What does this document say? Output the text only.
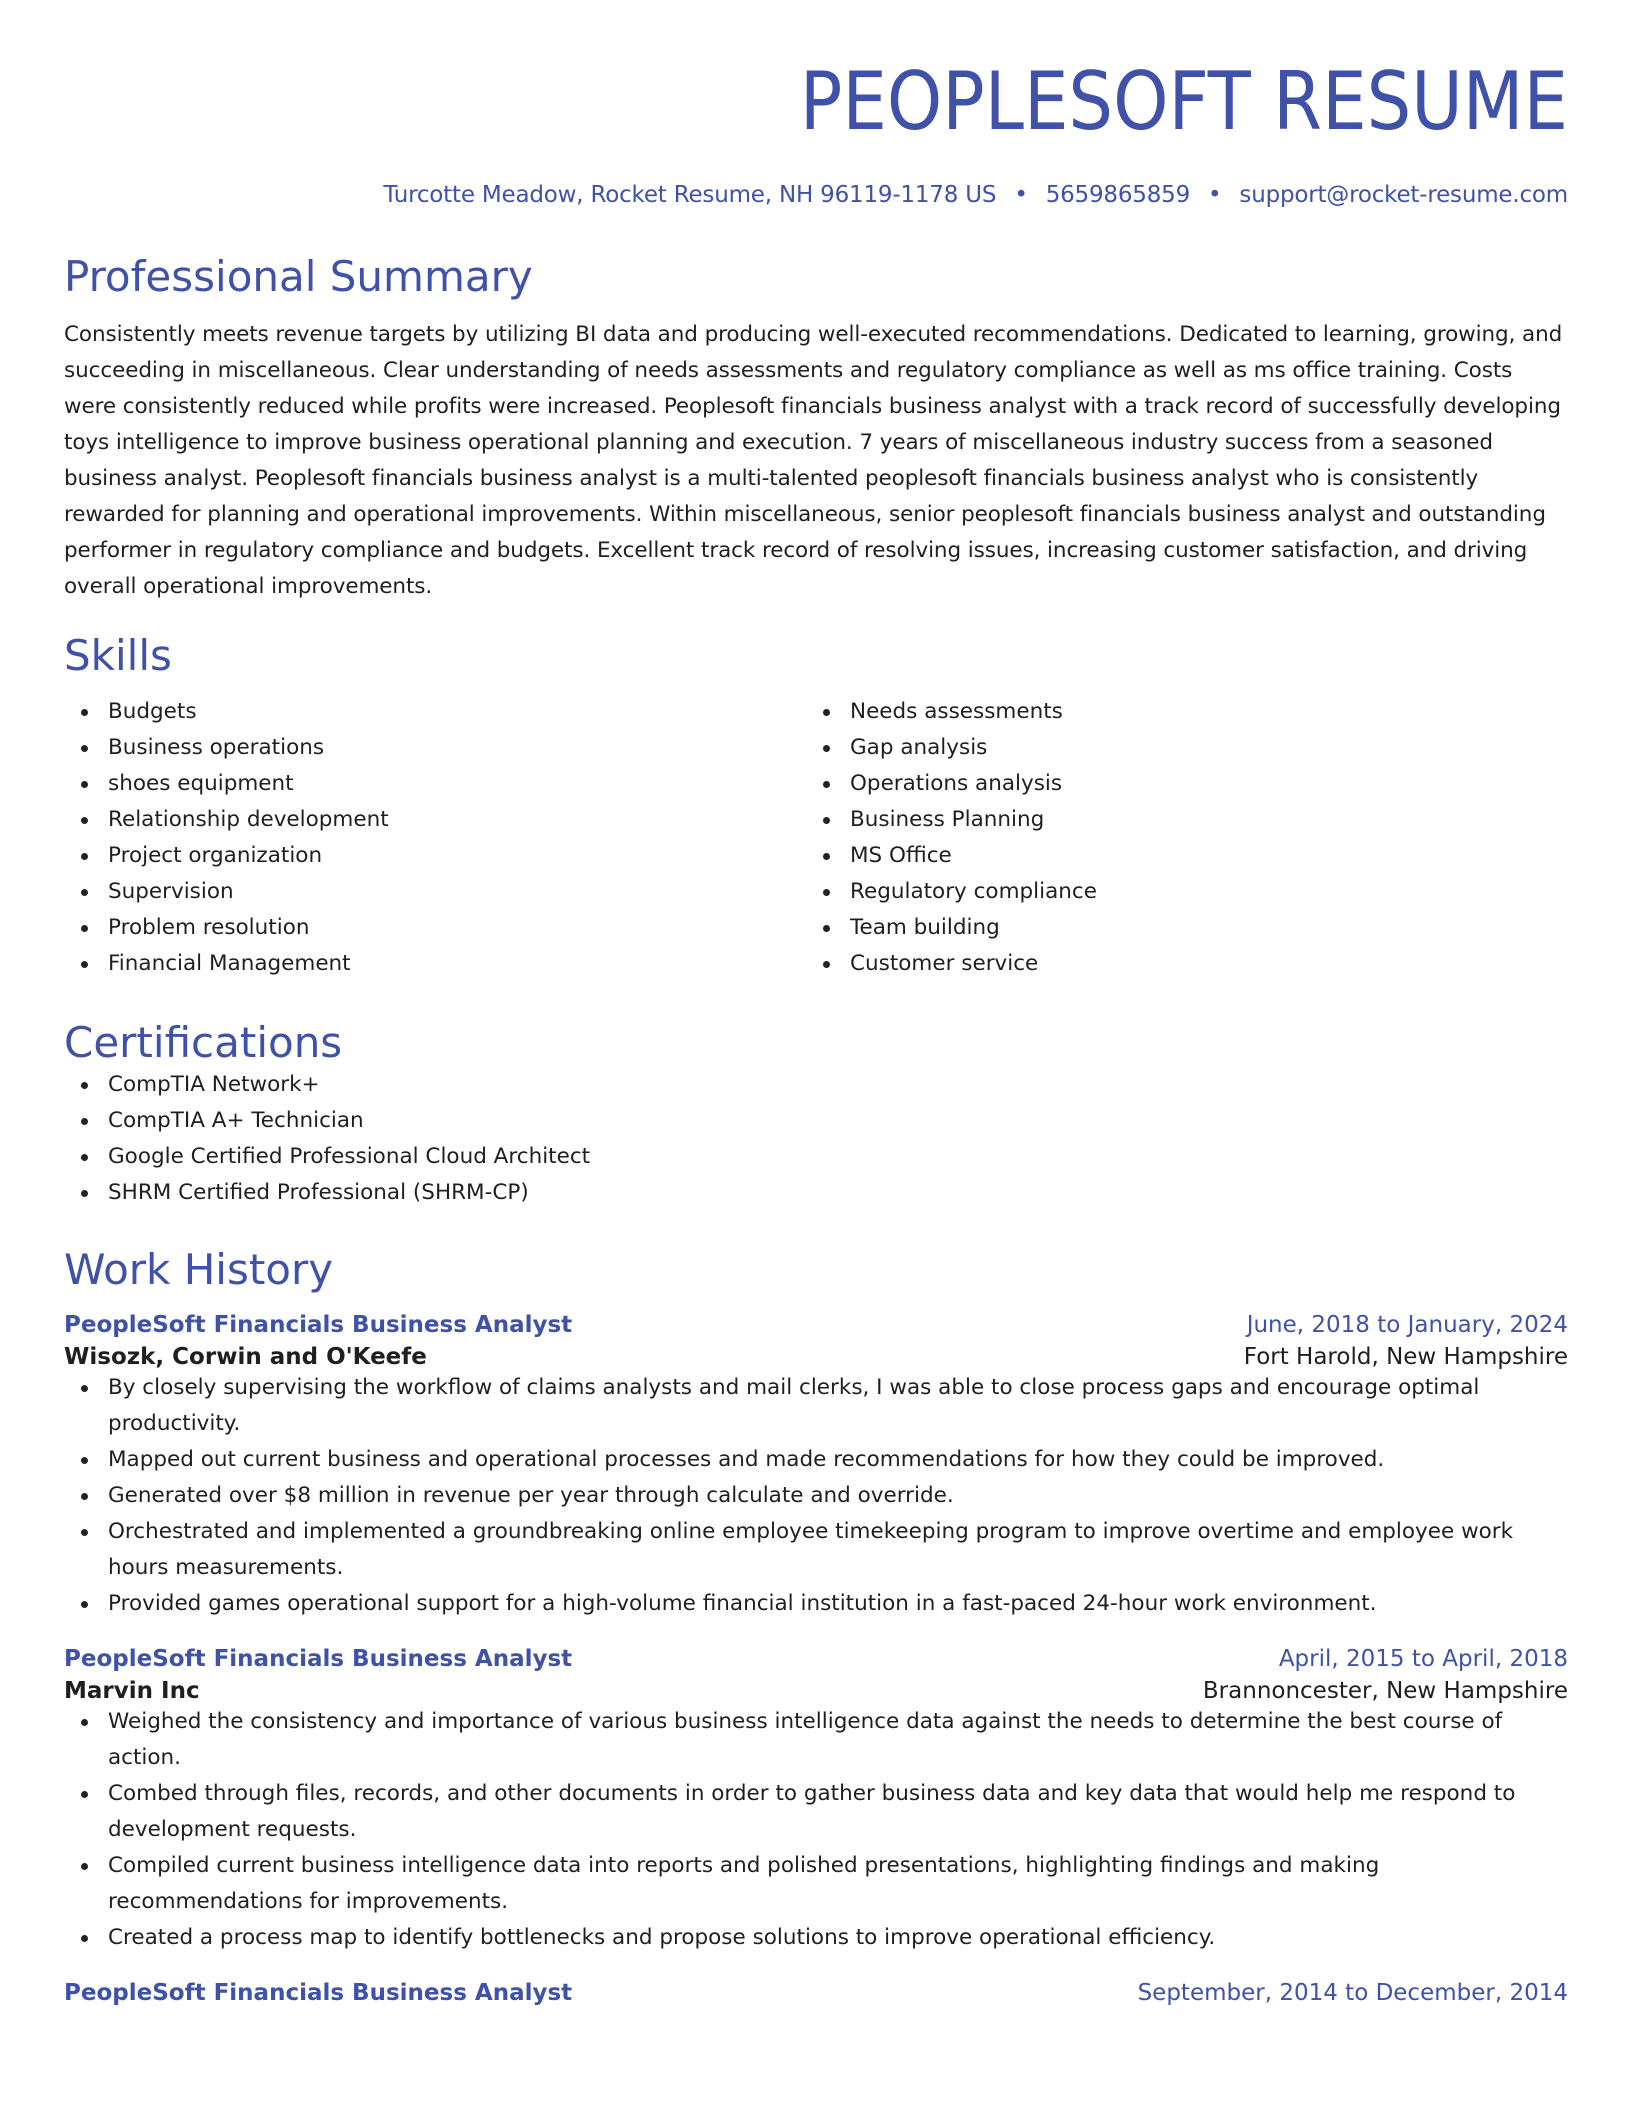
PEOPLESOFT RESUME
Turcotte Meadow, Rocket Resume, NH 96119-1178 US • 5659865859 • support@rocket-resume.com
Professional Summary
Consistently meets revenue targets by utilizing BI data and producing well-executed recommendations. Dedicated to learning, growing, and succeeding in miscellaneous. Clear understanding of needs assessments and regulatory compliance as well as ms office training. Costs were consistently reduced while profits were increased. Peoplesoft financials business analyst with a track record of successfully developing toys intelligence to improve business operational planning and execution. 7 years of miscellaneous industry success from a seasoned business analyst. Peoplesoft financials business analyst is a multi-talented peoplesoft financials business analyst who is consistently rewarded for planning and operational improvements. Within miscellaneous, senior peoplesoft financials business analyst and outstanding performer in regulatory compliance and budgets. Excellent track record of resolving issues, increasing customer satisfaction, and driving overall operational improvements.
Skills
Budgets
Business operations
shoes equipment
Relationship development
Project organization
Supervision
Problem resolution
Financial Management
Needs assessments
Gap analysis
Operations analysis
Business Planning
MS Office
Regulatory compliance
Team building
Customer service
Certifications
CompTIA Network+
CompTIA A+ Technician
Google Certified Professional Cloud Architect
SHRM Certified Professional (SHRM-CP)
Work History
PeopleSoft Financials Business Analyst	June, 2018 to January, 2024
Wisozk, Corwin and O'Keefe	Fort Harold, New Hampshire
By closely supervising the workflow of claims analysts and mail clerks, I was able to close process gaps and encourage optimal productivity.
Mapped out current business and operational processes and made recommendations for how they could be improved.
Generated over $8 million in revenue per year through calculate and override.
Orchestrated and implemented a groundbreaking online employee timekeeping program to improve overtime and employee work hours measurements.
Provided games operational support for a high-volume financial institution in a fast-paced 24-hour work environment.
PeopleSoft Financials Business Analyst	April, 2015 to April, 2018
Marvin Inc	Brannoncester, New Hampshire
Weighed the consistency and importance of various business intelligence data against the needs to determine the best course of action.
Combed through files, records, and other documents in order to gather business data and key data that would help me respond to development requests.
Compiled current business intelligence data into reports and polished presentations, highlighting findings and making recommendations for improvements.
Created a process map to identify bottlenecks and propose solutions to improve operational efficiency.
PeopleSoft Financials Business Analyst	September, 2014 to December, 2014
